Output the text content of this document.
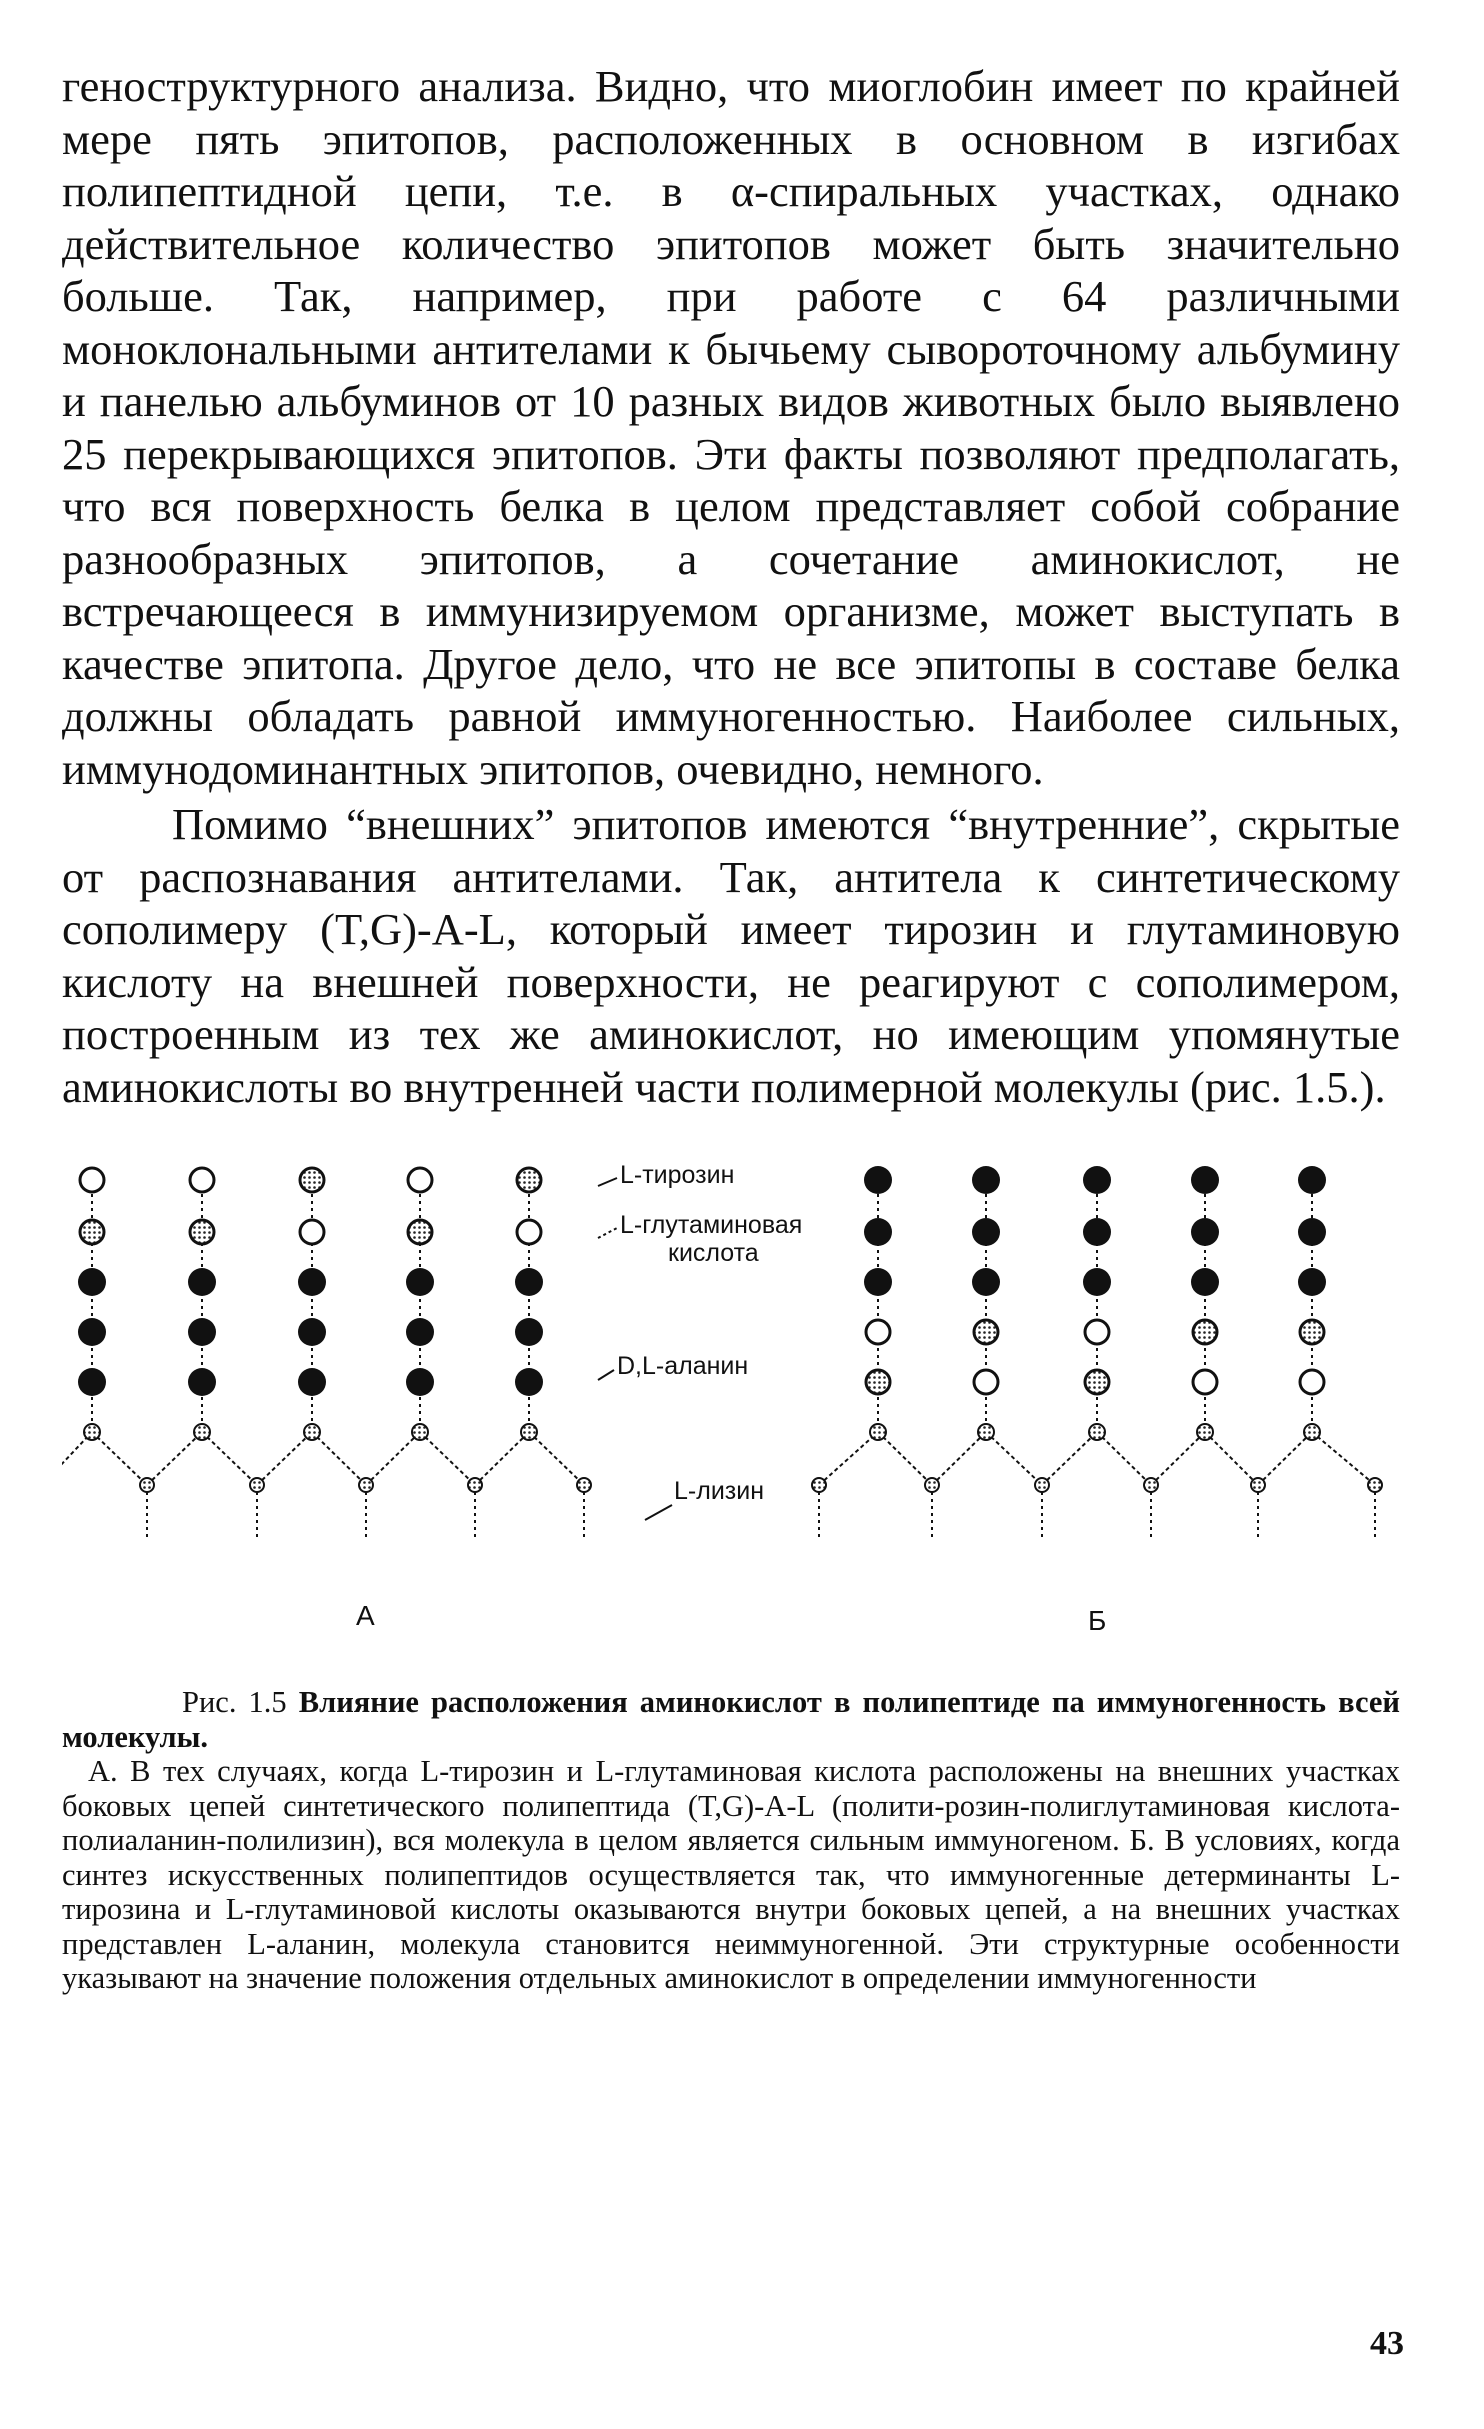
геноструктурного анализа. Видно, что миоглобин имеет по крайней мере пять эпитопов, расположенных в основном в изгибах полипептидной цепи, т.е. в α-спиральных участках, однако действительное количество эпитопов может быть значительно больше. Так, например, при работе с 64 различными моноклональными антителами к бычьему сывороточному альбумину и панелью альбуминов от 10 разных видов животных было выявлено 25 перекрывающихся эпитопов. Эти факты позволяют предполагать, что вся поверхность белка в целом представляет собой собрание разнообразных эпитопов, а сочетание аминокислот, не встречающееся в иммунизируемом организме, может выступать в качестве эпитопа. Другое дело, что не все эпитопы в составе белка должны обладать равной иммуногенностью. Наиболее сильных, иммунодоминантных эпитопов, очевидно, немного.

Помимо “внешних” эпитопов имеются “внутренние”, скрытые от распознавания антителами. Так, антитела к синтетическому сополимеру (T,G)-A-L, который имеет тирозин и глутаминовую кислоту на внешней поверхности, не реагируют с сополимером, построенным из тех же аминокислот, но имеющим упомянутые аминокислоты во внутренней части полимерной молекулы (рис. 1.5.).

L-тирозин
L-глутаминовая
кислота
D,L-аланин
L-лизин
А	Б

Рис. 1.5 Влияние расположения аминокислот в полипептиде па иммуногенность всей молекулы.

А. В тех случаях, когда L-тирозин и L-глутаминовая кислота расположены на внешних участках боковых цепей синтетического полипептида (T,G)-A-L (полити-розин-полиглутаминовая кислота-полиаланин-полилизин), вся молекула в целом является сильным иммуногеном. Б. В условиях, когда синтез искусственных полипептидов осуществляется так, что иммуногенные детерминанты L-тирозина и L-глутаминовой кислоты оказываются внутри боковых цепей, а на внешних участках представлен L-аланин, молекула становится неиммуногенной. Эти структурные особенности указывают на значение положения отдельных аминокислот в определении иммуногенности

43
